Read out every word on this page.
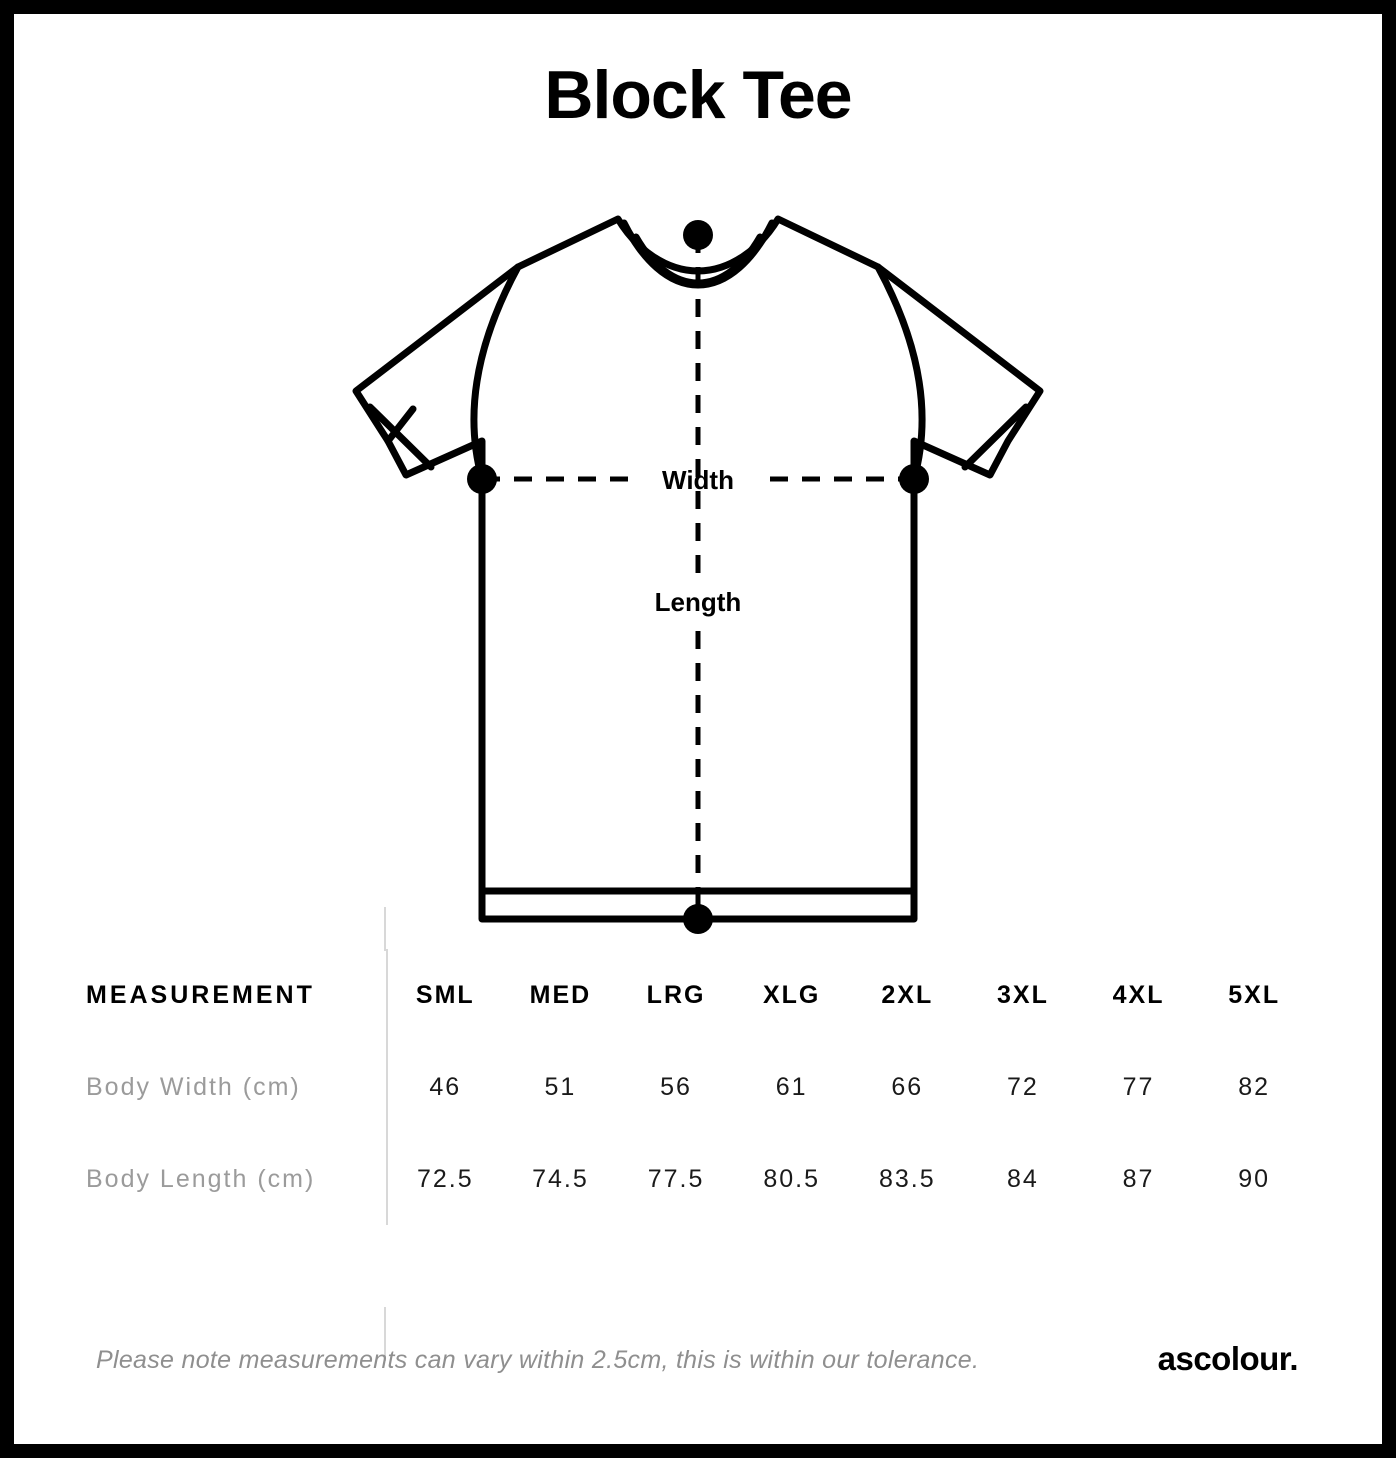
Block Tee
Width
Length
MEASUREMENT	SML	MED	LRG	XLG	2XL	3XL	4XL	5XL
Body Width (cm)	46	51	56	61	66	72	77	82
Body Length (cm)	72.5	74.5	77.5	80.5	83.5	84	87	90
Please note measurements can vary within 2.5cm, this is within our tolerance.	ascolour.
